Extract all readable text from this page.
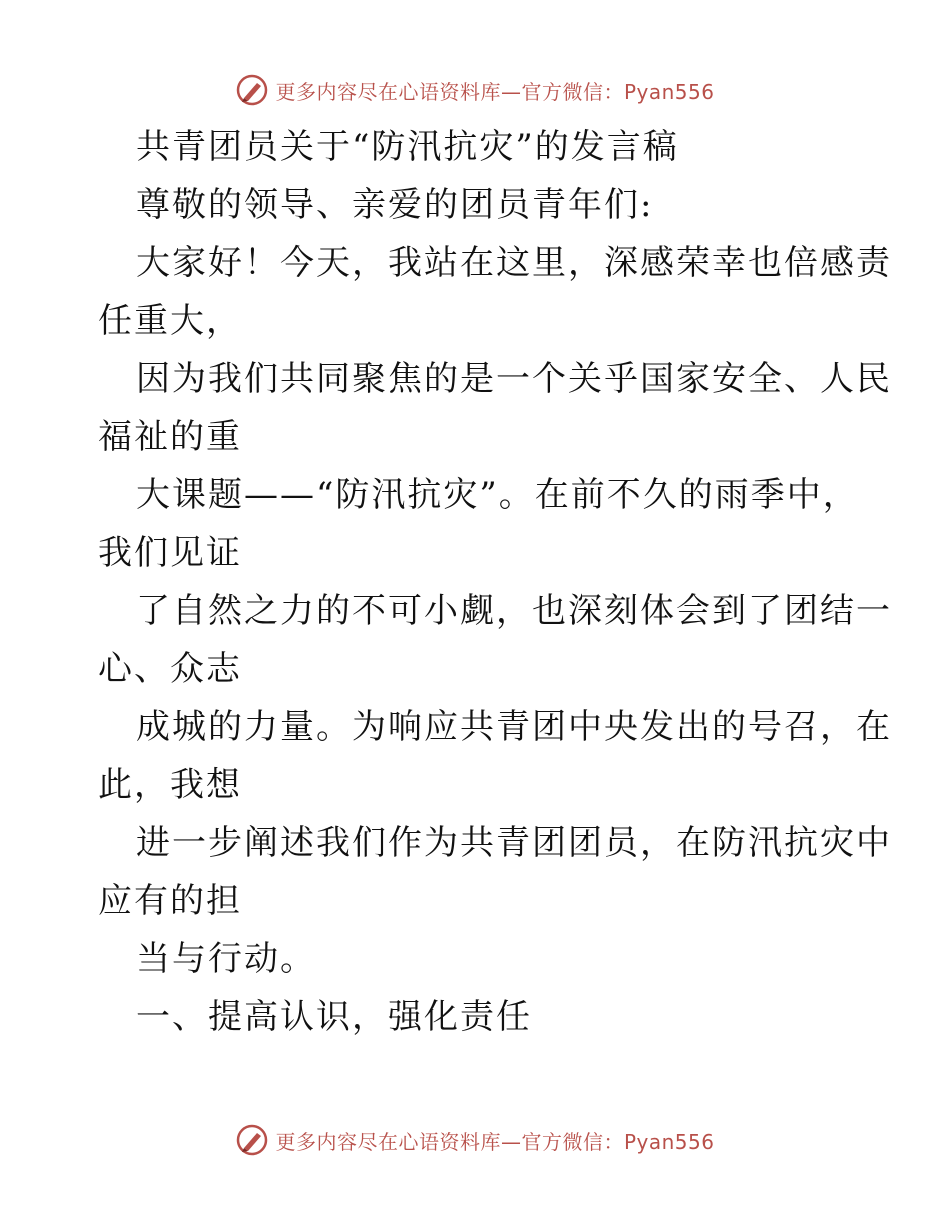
更多内容尽在心语资料库—官方微信：Pyan556
共青团员关于“防汛抗灾”的发言稿
尊敬的领导、亲爱的团员青年们:
大家好！今天，我站在这里，深感荣幸也倍感责
任重大，
因为我们共同聚焦的是一个关乎国家安全、人民
福祉的重
大课题——“防汛抗灾”。在前不久的雨季中，
我们见证
了自然之力的不可小觑，也深刻体会到了团结一
心、众志
成城的力量。为响应共青团中央发出的号召，在
此，我想
进一步阐述我们作为共青团团员，在防汛抗灾中
应有的担
当与行动。
一、提高认识，强化责任
更多内容尽在心语资料库—官方微信：Pyan556
